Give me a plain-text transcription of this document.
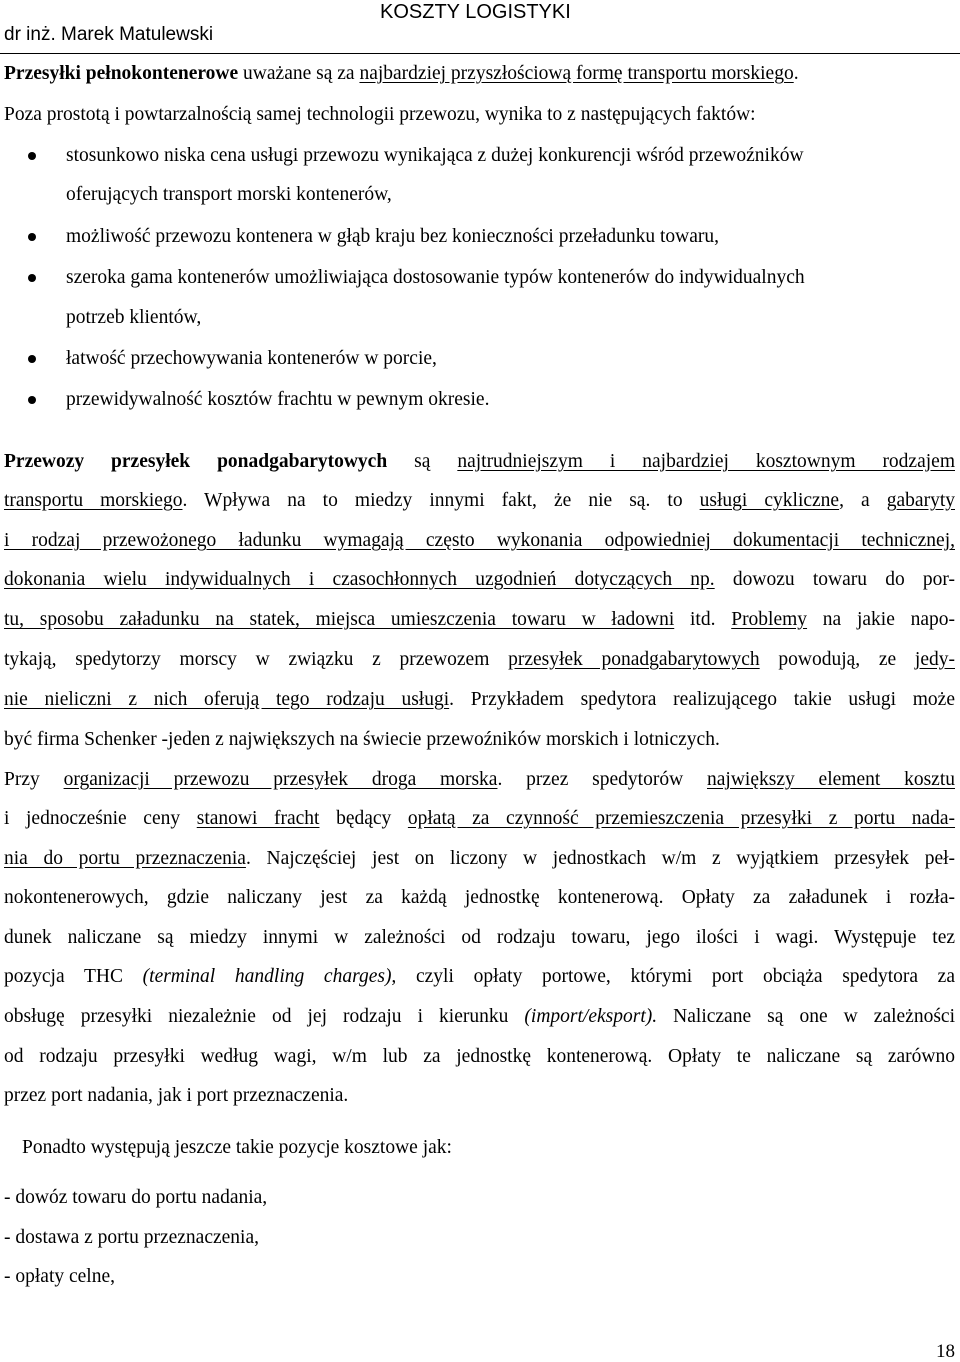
KOSZTY LOGISTYKI
dr inż. Marek Matulewski
Przesyłki pełnokontenerowe uważane są za najbardziej przyszłościową formę transportu morskiego.
Poza prostotą i powtarzalnością samej technologii przewozu, wynika to z następujących faktów:
stosunkowo niska cena usługi przewozu wynikająca z dużej konkurencji wśród przewoźników
oferujących transport morski kontenerów,
możliwość przewozu kontenera w głąb kraju bez konieczności przeładunku towaru,
szeroka gama kontenerów umożliwiająca dostosowanie typów kontenerów do indywidualnych
potrzeb klientów,
łatwość przechowywania kontenerów w porcie,
przewidywalność kosztów frachtu w pewnym okresie.
Przewozy przesyłek ponadgabarytowych są najtrudniejszym i najbardziej kosztownym rodzajem
transportu morskiego. Wpływa na to miedzy innymi fakt, że nie są. to usługi cykliczne, a gabaryty
i rodzaj przewożonego ładunku wymagają często wykonania odpowiedniej dokumentacji technicznej,
dokonania wielu indywidualnych i czasochłonnych uzgodnień dotyczących np. dowozu towaru do por-
tu, sposobu załadunku na statek, miejsca umieszczenia towaru w ładowni itd. Problemy na jakie napo-
tykają, spedytorzy morscy w związku z przewozem przesyłek ponadgabarytowych powodują, ze jedy-
nie nieliczni z nich oferują tego rodzaju usługi. Przykładem spedytora realizującego takie usługi może
być firma Schenker -jeden z największych na świecie przewoźników morskich i lotniczych.
Przy organizacji przewozu przesyłek droga morska. przez spedytorów największy element kosztu
i jednocześnie ceny stanowi fracht będący opłatą za czynność przemieszczenia przesyłki z portu nada-
nia do portu przeznaczenia. Najczęściej jest on liczony w jednostkach w/m z wyjątkiem przesyłek peł-
nokontenerowych, gdzie naliczany jest za każdą jednostkę kontenerową. Opłaty za załadunek i rozła-
dunek naliczane są miedzy innymi w zależności od rodzaju towaru, jego ilości i wagi. Występuje tez
pozycja THC (terminal handling charges), czyli opłaty portowe, którymi port obciąża spedytora za
obsługę przesyłki niezależnie od jej rodzaju i kierunku (import/eksport). Naliczane są one w zależności
od rodzaju przesyłki według wagi, w/m lub za jednostkę kontenerową. Opłaty te naliczane są zarówno
przez port nadania, jak i port przeznaczenia.
Ponadto występują jeszcze takie pozycje kosztowe jak:
- dowóz towaru do portu nadania,
- dostawa z portu przeznaczenia,
- opłaty celne,
18
